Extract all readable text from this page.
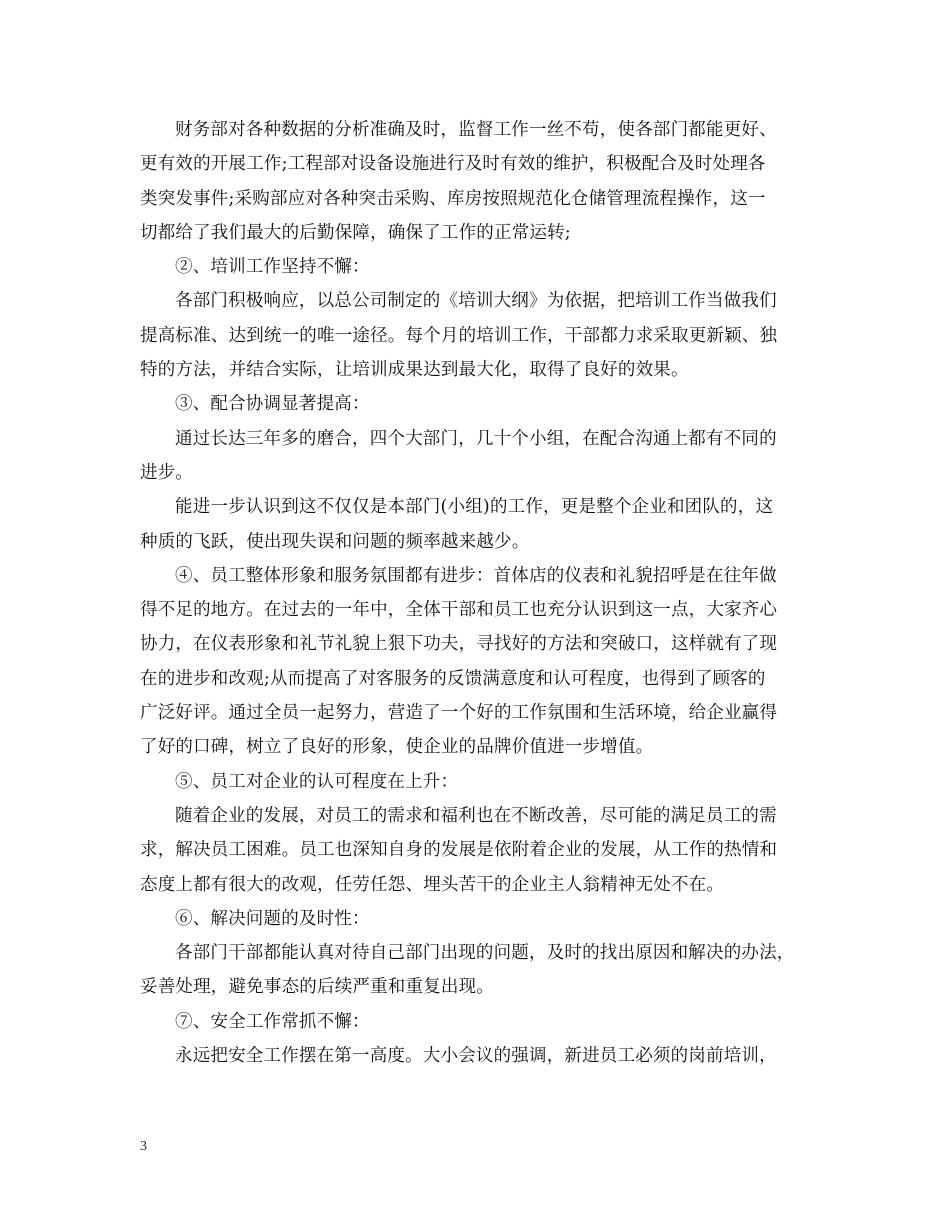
财务部对各种数据的分析准确及时，监督工作一丝不苟，使各部门都能更好、
更有效的开展工作;工程部对设备设施进行及时有效的维护，积极配合及时处理各
类突发事件;采购部应对各种突击采购、库房按照规范化仓储管理流程操作，这一
切都给了我们最大的后勤保障，确保了工作的正常运转;
②、培训工作坚持不懈：
各部门积极响应，以总公司制定的《培训大纲》为依据，把培训工作当做我们
提高标准、达到统一的唯一途径。每个月的培训工作，干部都力求采取更新颖、独
特的方法，并结合实际，让培训成果达到最大化，取得了良好的效果。
③、配合协调显著提高：
通过长达三年多的磨合，四个大部门，几十个小组，在配合沟通上都有不同的
进步。
能进一步认识到这不仅仅是本部门(小组)的工作，更是整个企业和团队的，这
种质的飞跃，使出现失误和问题的频率越来越少。
④、员工整体形象和服务氛围都有进步：首体店的仪表和礼貌招呼是在往年做
得不足的地方。在过去的一年中，全体干部和员工也充分认识到这一点，大家齐心
协力，在仪表形象和礼节礼貌上狠下功夫，寻找好的方法和突破口，这样就有了现
在的进步和改观;从而提高了对客服务的反馈满意度和认可程度，也得到了顾客的
广泛好评。通过全员一起努力，营造了一个好的工作氛围和生活环境，给企业赢得
了好的口碑，树立了良好的形象，使企业的品牌价值进一步增值。
⑤、员工对企业的认可程度在上升：
随着企业的发展，对员工的需求和福利也在不断改善，尽可能的满足员工的需
求，解决员工困难。员工也深知自身的发展是依附着企业的发展，从工作的热情和
态度上都有很大的改观，任劳任怨、埋头苦干的企业主人翁精神无处不在。
⑥、解决问题的及时性：
各部门干部都能认真对待自己部门出现的问题，及时的找出原因和解决的办法，
妥善处理，避免事态的后续严重和重复出现。
⑦、安全工作常抓不懈：
永远把安全工作摆在第一高度。大小会议的强调，新进员工必须的岗前培训，
3
